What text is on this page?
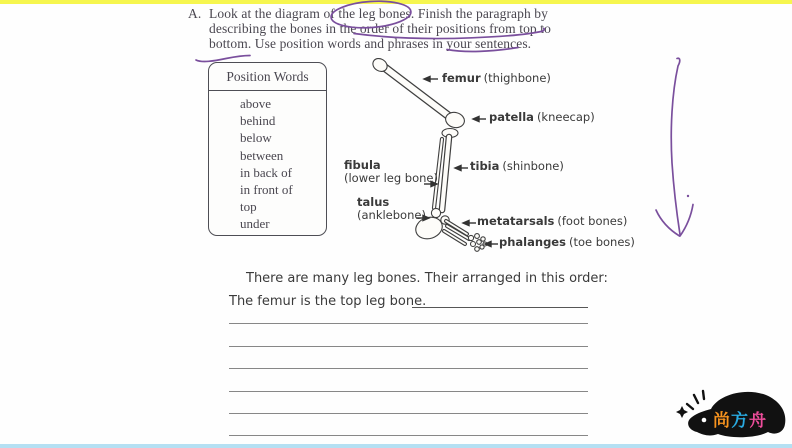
A. Look at the diagram of the leg bones. Finish the paragraph by
describing the bones in the order of their positions from top to
bottom. Use position words and phrases in your sentences.
Position Words
above
behind
below
between
in back of
in front of
top
under
femur (thighbone)
patella (kneecap)
tibia (shinbone)
fibula
(lower leg bone)
talus
(anklebone)	metatarsals (foot bones)
phalanges (toe bones)
There are many leg bones. Their arranged in this order:
The femur is the top leg bone.
尚 方 舟
